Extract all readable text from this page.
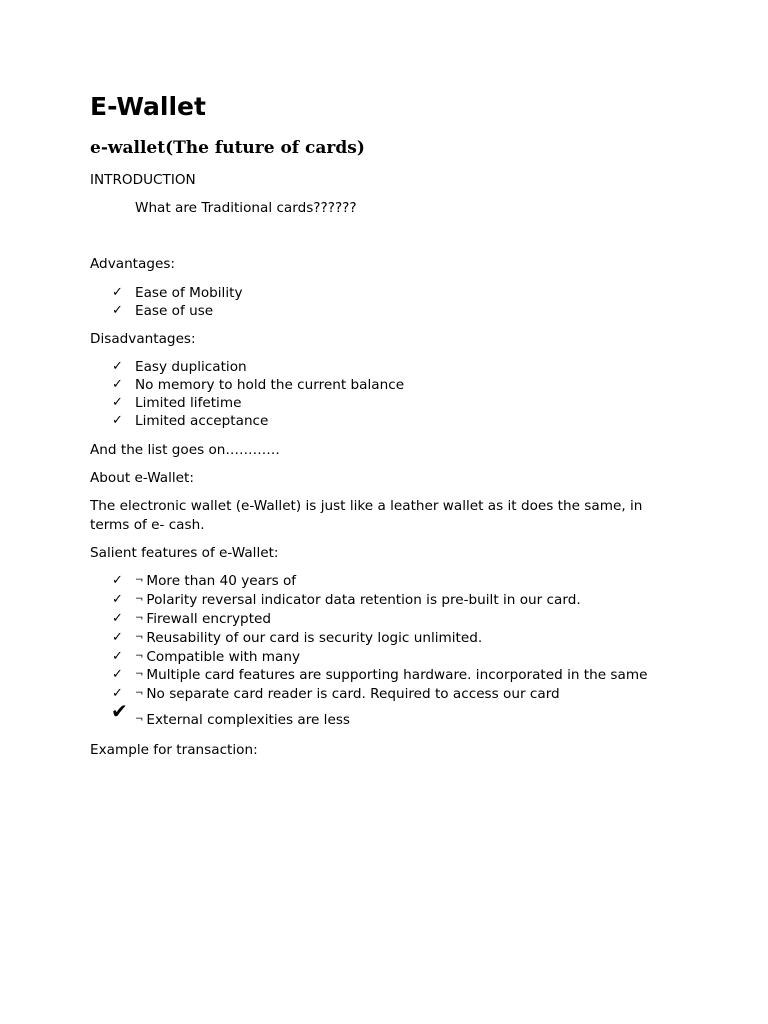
E-Wallet
e-wallet(The future of cards)

INTRODUCTION

What are Traditional cards??????

Advantages:

✓ Ease of Mobility
✓ Ease of use

Disadvantages:

✓ Easy duplication
✓ No memory to hold the current balance
✓ Limited lifetime
✓ Limited acceptance

And the list goes on…………

About e-Wallet:

The electronic wallet (e-Wallet) is just like a leather wallet as it does the same, in terms of e- cash.

Salient features of e-Wallet:

✓ ¬ More than 40 years of
✓ ¬ Polarity reversal indicator data retention is pre-built in our card.
✓ ¬ Firewall encrypted
✓ ¬ Reusability of our card is security logic unlimited.
✓ ¬ Compatible with many
✓ ¬ Multiple card features are supporting hardware. incorporated in the same
✓ ¬ No separate card reader is card. Required to access our card
✔ ¬ External complexities are less

Example for transaction:
